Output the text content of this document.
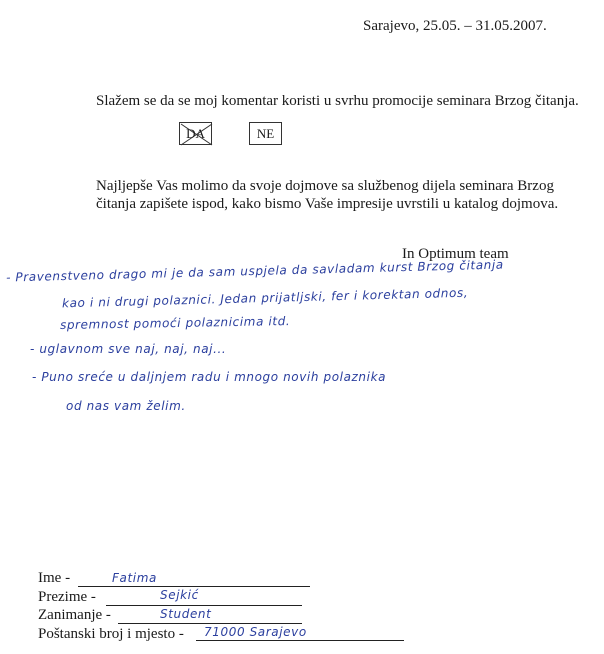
Sarajevo, 25.05. – 31.05.2007.
Slažem se da se moj komentar koristi u svrhu promocije seminara Brzog čitanja.
DA	NE
Najljepše Vas molimo da svoje dojmove sa službenog dijela seminara Brzog
čitanja zapišete ispod, kako bismo Vaše impresije uvrstili u katalog dojmova.
In Optimum team
- Pravenstveno drago mi je da sam uspjela da savladam kurst Brzog čitanja
kao i ni drugi polaznici. Jedan prijatljski, fer i korektan odnos,
spremnost pomoći polaznicima itd.
- uglavnom sve naj, naj, naj...
- Puno sreće u daljnjem radu i mnogo novih polaznika
od nas vam želim.
Ime -	Fatima
Prezime -	Sejkić
Zanimanje -	Student
Poštanski broj i mjesto - 71000 Sarajevo
